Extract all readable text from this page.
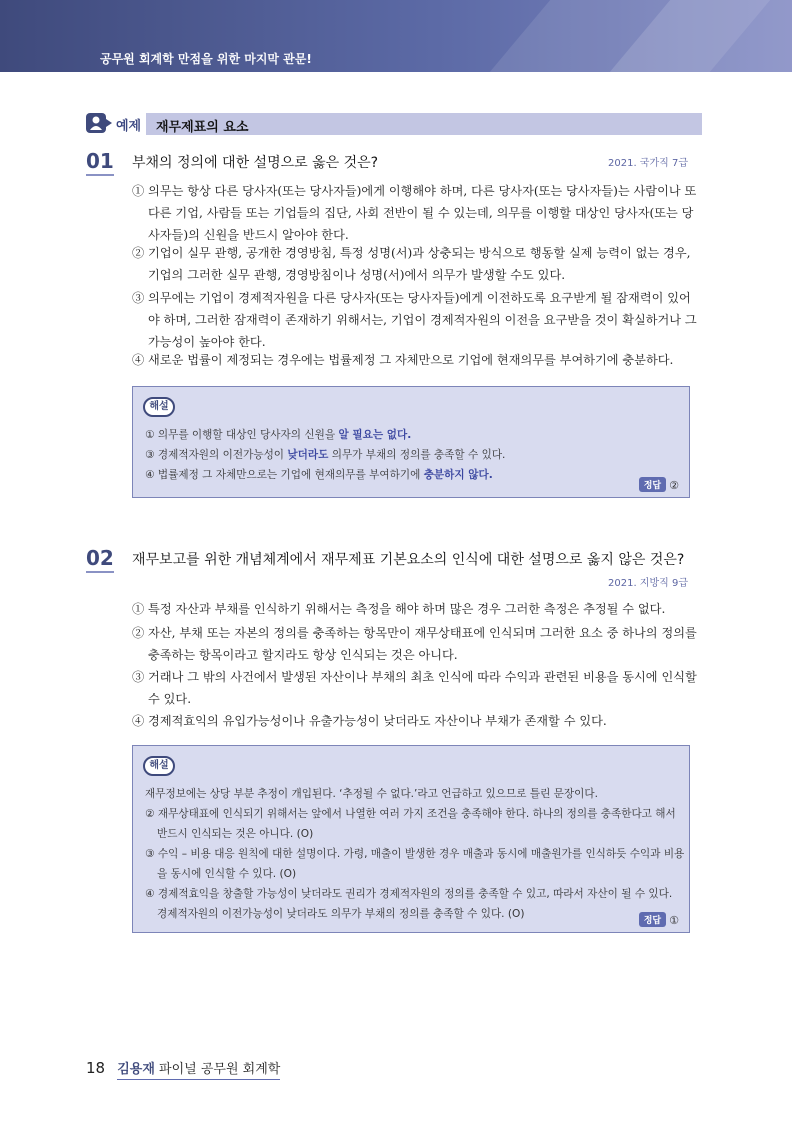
공무원 회계학 만점을 위한 마지막 관문!
예제 재무제표의 요소
01 부채의 정의에 대한 설명으로 옳은 것은?	2021. 국가직 7급
① 의무는 항상 다른 당사자(또는 당사자들)에게 이행해야 하며, 다른 당사자(또는 당사자들)는 사람이나 또 다른 기업, 사람들 또는 기업들의 집단, 사회 전반이 될 수 있는데, 의무를 이행할 대상인 당사자(또는 당사자들)의 신원을 반드시 알아야 한다.
② 기업이 실무 관행, 공개한 경영방침, 특정 성명(서)과 상충되는 방식으로 행동할 실제 능력이 없는 경우, 기업의 그러한 실무 관행, 경영방침이나 성명(서)에서 의무가 발생할 수도 있다.
③ 의무에는 기업이 경제적자원을 다른 당사자(또는 당사자들)에게 이전하도록 요구받게 될 잠재력이 있어야 하며, 그러한 잠재력이 존재하기 위해서는, 기업이 경제적자원의 이전을 요구받을 것이 확실하거나 그 가능성이 높아야 한다.
④ 새로운 법률이 제정되는 경우에는 법률제정 그 자체만으로 기업에 현재의무를 부여하기에 충분하다.
해설
① 의무를 이행할 대상인 당사자의 신원을 알 필요는 없다.
③ 경제적자원의 이전가능성이 낮더라도 의무가 부채의 정의를 충족할 수 있다.
④ 법률제정 그 자체만으로는 기업에 현재의무를 부여하기에 충분하지 않다.
정답 ②
02 재무보고를 위한 개념체계에서 재무제표 기본요소의 인식에 대한 설명으로 옳지 않은 것은?
2021. 지방직 9급
① 특정 자산과 부채를 인식하기 위해서는 측정을 해야 하며 많은 경우 그러한 측정은 추정될 수 없다.
② 자산, 부채 또는 자본의 정의를 충족하는 항목만이 재무상태표에 인식되며 그러한 요소 중 하나의 정의를 충족하는 항목이라고 할지라도 항상 인식되는 것은 아니다.
③ 거래나 그 밖의 사건에서 발생된 자산이나 부채의 최초 인식에 따라 수익과 관련된 비용을 동시에 인식할 수 있다.
④ 경제적효익의 유입가능성이나 유출가능성이 낮더라도 자산이나 부채가 존재할 수 있다.
해설
재무정보에는 상당 부분 추정이 개입된다. ‘추정될 수 없다.’라고 언급하고 있으므로 틀린 문장이다.
② 재무상태표에 인식되기 위해서는 앞에서 나열한 여러 가지 조건을 충족해야 한다. 하나의 정의를 충족한다고 해서 반드시 인식되는 것은 아니다. (O)
③ 수익 – 비용 대응 원칙에 대한 설명이다. 가령, 매출이 발생한 경우 매출과 동시에 매출원가를 인식하듯 수익과 비용을 동시에 인식할 수 있다. (O)
④ 경제적효익을 창출할 가능성이 낮더라도 권리가 경제적자원의 정의를 충족할 수 있고, 따라서 자산이 될 수 있다. 경제적자원의 이전가능성이 낮더라도 의무가 부채의 정의를 충족할 수 있다. (O)
정답 ①
18 김용재 파이널 공무원 회계학
